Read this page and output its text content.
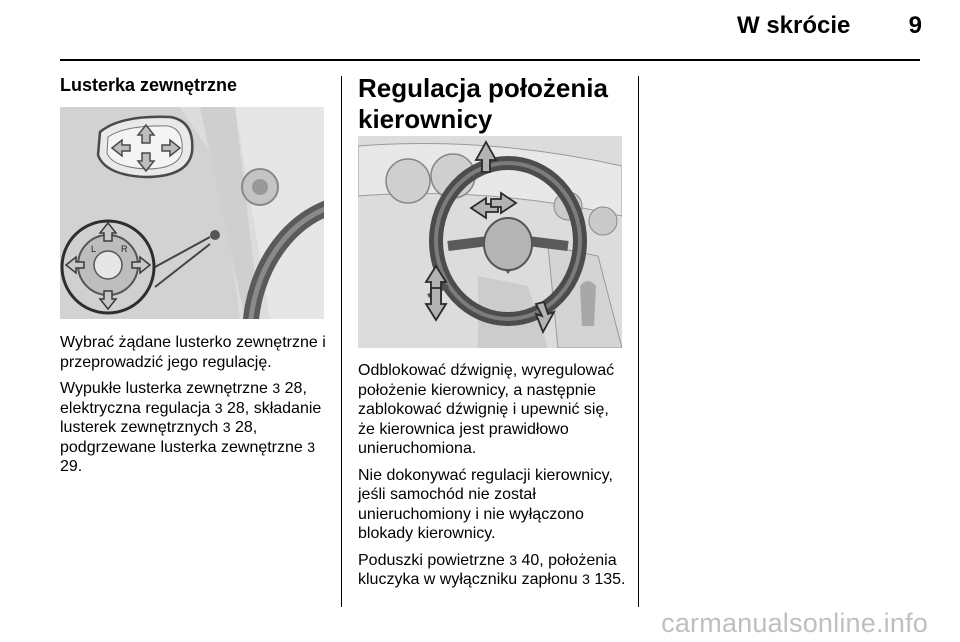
W skrócie	9
Lusterka zewnętrzne
L	R

Wybrać żądane lusterko zewnętrzne i przeprowadzić jego regulację.

Wypukłe lusterka zewnętrzne 3 28, elektryczna regulacja 3 28, składanie lusterek zewnętrznych 3 28, podgrzewane lusterka zewnętrzne 3 29.

Regulacja położenia kierownicy

Odblokować dźwignię, wyregulować położenie kierownicy, a następnie zablokować dźwignię i upewnić się, że kierownica jest prawidłowo unieruchomiona.

Nie dokonywać regulacji kierownicy, jeśli samochód nie został unieruchomiony i nie wyłączono blokady kierownicy.

Poduszki powietrzne 3 40, położenia kluczyka w wyłączniku zapłonu 3 135.

carmanualsonline.info
